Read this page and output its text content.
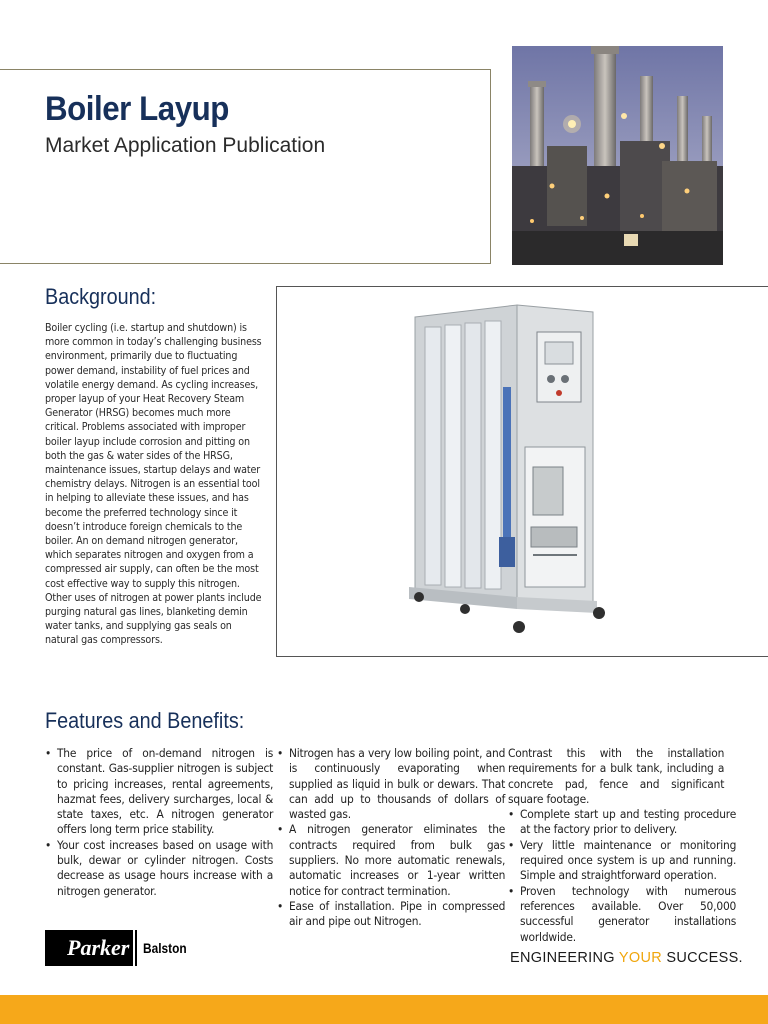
Boiler Layup

Market Application Publication

Background:

Boiler cycling (i.e. startup and shutdown) is more common in today’s challenging business environment, primarily due to fluctuating power demand, instability of fuel prices and volatile energy demand. As cycling increases, proper layup of your Heat Recovery Steam Generator (HRSG) becomes much more critical. Problems associated with improper boiler layup include corrosion and pitting on both the gas & water sides of the HRSG, maintenance issues, startup delays and water chemistry delays. Nitrogen is an essential tool in helping to alleviate these issues, and has become the preferred technology since it doesn’t introduce foreign chemicals to the boiler. An on demand nitrogen generator, which separates nitrogen and oxygen from a compressed air supply, can often be the most cost effective way to supply this nitrogen. Other uses of nitrogen at power plants include purging natural gas lines, blanketing demin water tanks, and supplying gas seals on natural gas compressors.

Features and Benefits:
• The price of on-demand nitrogen is constant. Gas-supplier nitrogen is subject to pricing increases, rental agreements, hazmat fees, delivery surcharges, local & state taxes, etc. A nitrogen generator offers long term price stability.
• Your cost increases based on usage with bulk, dewar or cylinder nitrogen. Costs decrease as usage hours increase with a nitrogen generator.
• Nitrogen has a very low boiling point, and is continuously evaporating when supplied as liquid in bulk or dewars. That can add up to thousands of dollars of wasted gas.
• A nitrogen generator eliminates the contracts required from bulk gas suppliers. No more automatic renewals, automatic increases or 1-year written notice for contract termination.
• Ease of installation. Pipe in compressed air and pipe out Nitrogen.

Contrast this with the installation requirements for a bulk tank, including a concrete pad, fence and significant square footage.

• Complete start up and testing procedure at the factory prior to delivery.
• Very little maintenance or monitoring required once system is up and running. Simple and straightforward operation.
• Proven technology with numerous references available. Over 50,000 successful generator installations worldwide.
Parker Balston

ENGINEERING YOUR SUCCESS.
